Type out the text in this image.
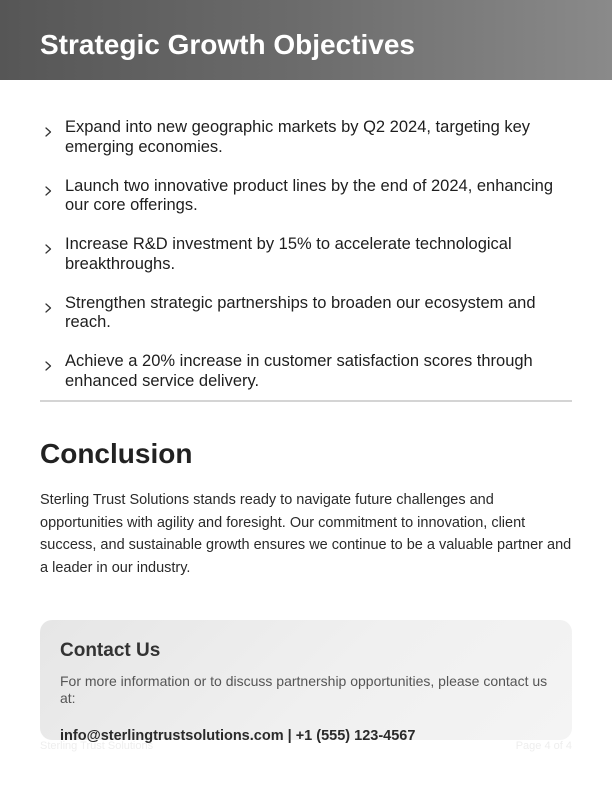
Strategic Growth Objectives
Expand into new geographic markets by Q2 2024, targeting key emerging economies.
Launch two innovative product lines by the end of 2024, enhancing our core offerings.
Increase R&D investment by 15% to accelerate technological breakthroughs.
Strengthen strategic partnerships to broaden our ecosystem and reach.
Achieve a 20% increase in customer satisfaction scores through enhanced service delivery.
Conclusion

Sterling Trust Solutions stands ready to navigate future challenges and opportunities with agility and foresight. Our commitment to innovation, client success, and sustainable growth ensures we continue to be a valuable partner and a leader in our industry.

Contact Us

For more information or to discuss partnership opportunities, please contact us at:

info@sterlingtrustsolutions.com | +1 (555) 123-4567
Sterling Trust Solutions	Page 4 of 4
